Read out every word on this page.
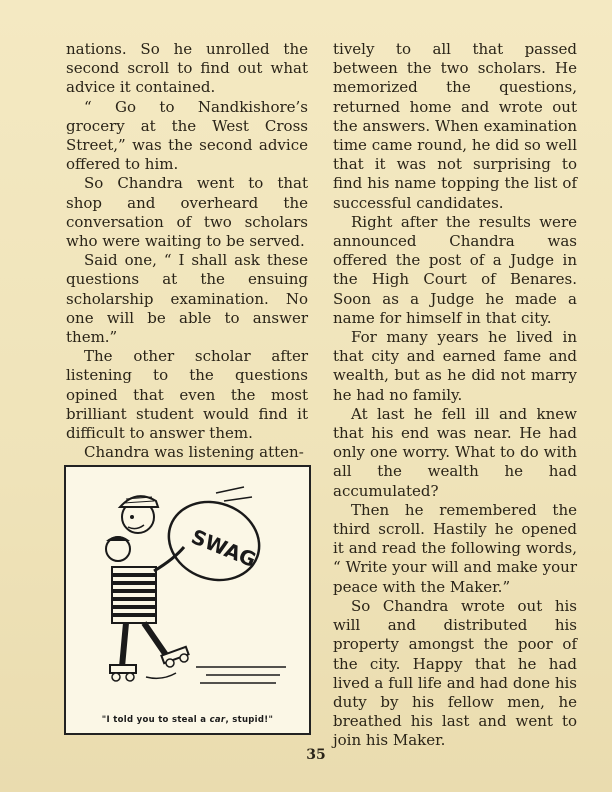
nations. So he unrolled the second scroll to find out what advice it contained.

“ Go to Nandkishore’s grocery at the West Cross Street,” was the second advice offered to him.

So Chandra went to that shop and overheard the conversation of two scholars who were waiting to be served.

Said one, “ I shall ask these questions at the ensuing scholarship examination. No one will be able to answer them.”

The other scholar after listening to the questions opined that even the most brilliant student would find it difficult to answer them.

Chandra was listening atten-

tively to all that passed between the two scholars. He memorized the questions, returned home and wrote out the answers. When examination time came round, he did so well that it was not surprising to find his name topping the list of successful candidates.

Right after the results were announced Chandra was offered the post of a Judge in the High Court of Benares. Soon as a Judge he made a name for himself in that city.

For many years he lived in that city and earned fame and wealth, but as he did not marry he had no family.

At last he fell ill and knew that his end was near. He had only one worry. What to do with all the wealth he had accumulated?

Then he remembered the third scroll. Hastily he opened it and read the following words, “ Write your will and make your peace with the Maker.”

So Chandra wrote out his will and distributed his property amongst the poor of the city. Happy that he had lived a full life and had done his duty by his fellow men, he breathed his last and went to join his Maker.

SWAG
"I told you to steal a car, stupid!"
35
